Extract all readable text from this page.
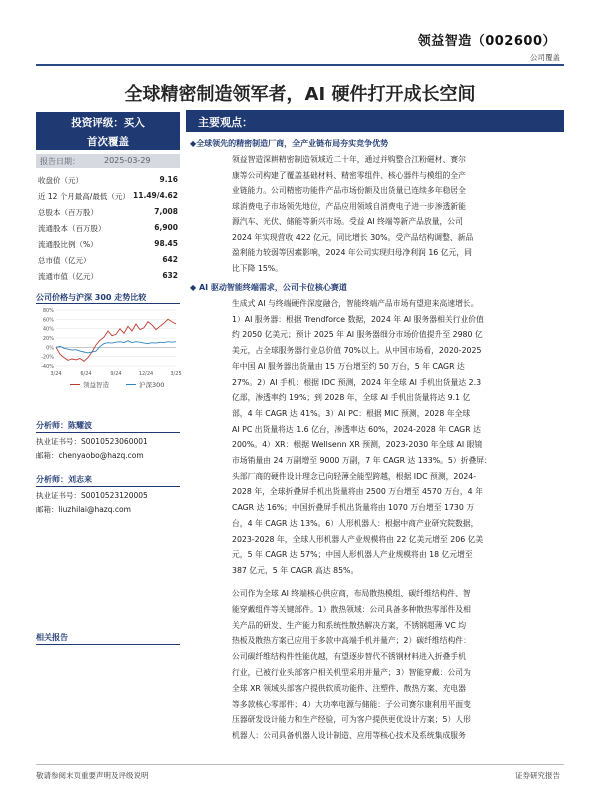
领益智造（002600）
公司覆盖
全球精密制造领军者，AI 硬件打开成长空间
投资评级：买入
首次覆盖
报告日期：	2025-03-29
收盘价（元）	9.16
近 12 个月最高/最低（元） 11.49/4.62
总股本（百万股）	7,008
流通股本（百万股）	6,900
流通股比例（%）	98.45
总市值（亿元）	642
流通市值（亿元）	632
公司价格与沪深 300 走势比较
80%
60%
40%
20%
0%
-20%
-40%
3/24	6/24	9/24	12/24	3/25
领益智造	沪深300
分析师：陈耀波
执业证书号：S0010523060001
邮箱：chenyaobo@hazq.com
分析师：刘志来
执业证书号：S0010523120005
邮箱：liuzhilai@hazq.com
相关报告
主要观点：
◆全球领先的精密制造厂商，全产业链布局夯实竞争优势
领益智造深耕精密制造领域近二十年，通过并购整合江粉磁材、赛尔
康等公司构建了覆盖基础材料、精密零组件、核心器件与模组的全产
业链能力。公司精密功能件产品市场份额及出货量已连续多年稳居全
球消费电子市场领先地位，产品应用领域自消费电子进一步渗透新能
源汽车、光伏、储能等新兴市场。受益 AI 终端等新产品放量，公司
2024 年实现营收 422 亿元，同比增长 30%。受产品结构调整、新品
盈利能力较弱等因素影响，2024 年公司实现归母净利润 16 亿元，同
比下降 15%。
◆ AI 驱动智能终端需求，公司卡位核心赛道
生成式 AI 与终端硬件深度融合，智能终端产品市场有望迎来高速增长。
1）AI 服务器：根据 Trendforce 数据，2024 年 AI 服务器相关行业价值
约 2050 亿美元；预计 2025 年 AI 服务器细分市场价值提升至 2980 亿
美元，占全球服务器行业总价值 70%以上。从中国市场看，2020-2025
年中国 AI 服务器出货量由 15 万台增至约 50 万台，5 年 CAGR 达
27%。2）AI 手机：根据 IDC 预测，2024 年全球 AI 手机出货量达 2.3
亿部，渗透率约 19%；到 2028 年，全球 AI 手机出货量将达 9.1 亿
部，4 年 CAGR 达 41%。3）AI PC：根据 MIC 预测，2028 年全球
AI PC 出货量将达 1.6 亿台，渗透率达 60%，2024-2028 年 CAGR 达
200%。4）XR：根据 Wellsenn XR 预测，2023-2030 年全球 AI 眼镜
市场销量由 24 万副增至 9000 万副，7 年 CAGR 达 133%。5）折叠屏：
头部厂商的硬件设计理念已向轻薄全能型跨越，根据 IDC 预测，2024-
2028 年，全球折叠屏手机出货量将由 2500 万台增至 4570 万台，4 年
CAGR 达 16%；中国折叠屏手机出货量将由 1070 万台增至 1730 万
台，4 年 CAGR 达 13%。6）人形机器人：根据中商产业研究院数据，
2023-2028 年，全球人形机器人产业规模将由 22 亿美元增至 206 亿美
元，5 年 CAGR 达 57%；中国人形机器人产业规模将由 18 亿元增至
387 亿元，5 年 CAGR 高达 85%。
公司作为全球 AI 终端核心供应商，布局散热模组、碳纤维结构件、智
能穿戴组件等关键部件。1）散热领域：公司具备多种散热零部件及相
关产品的研发、生产能力和系统性散热解决方案，不锈钢超薄 VC 均
热板及散热方案已应用于多款中高端手机并量产；2）碳纤维结构件：
公司碳纤维结构件性能优越，有望逐步替代不锈钢材料进入折叠手机
行业，已被行业头部客户相关机型采用并量产；3）智能穿戴：公司为
全球 XR 领域头部客户提供软质功能件、注塑件、散热方案、充电器
等多款核心零部件；4）大功率电源与储能：子公司赛尔康利用平面变
压器研发设计能力和生产经验，可为客户提供更优设计方案；5）人形
机器人：公司具备机器人设计制造、应用等核心技术及系统集成服务
敬请参阅末页重要声明及评级说明	证券研究报告
